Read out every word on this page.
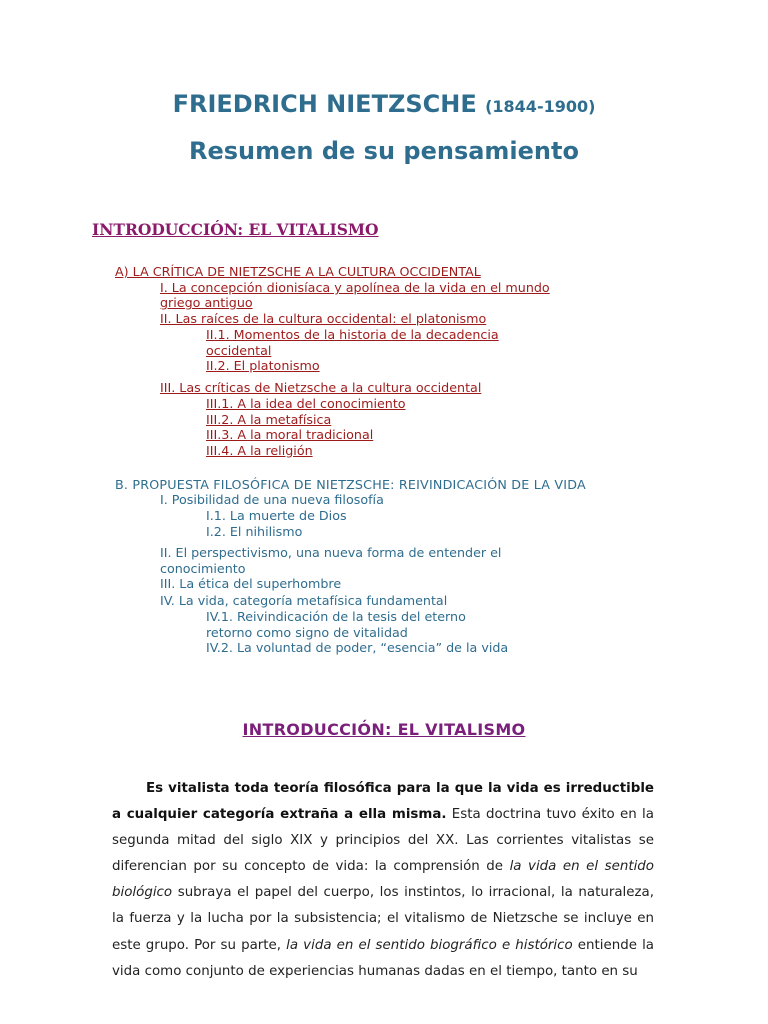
FRIEDRICH NIETZSCHE (1844-1900)
Resumen de su pensamiento
INTRODUCCIÓN: EL VITALISMO
A) LA CRÍTICA DE NIETZSCHE A LA CULTURA OCCIDENTAL
I. La concepción dionisíaca y apolínea de la vida en el mundo
griego antiguo
II. Las raíces de la cultura occidental: el platonismo
II.1. Momentos de la historia de la decadencia
occidental
II.2. El platonismo
III. Las críticas de Nietzsche a la cultura occidental
III.1. A la idea del conocimiento
III.2. A la metafísica
III.3. A la moral tradicional
III.4. A la religión
B. PROPUESTA FILOSÓFICA DE NIETZSCHE: REIVINDICACIÓN DE LA VIDA
I. Posibilidad de una nueva filosofía
I.1. La muerte de Dios
I.2. El nihilismo
II. El perspectivismo, una nueva forma de entender el
conocimiento
III. La ética del superhombre
IV. La vida, categoría metafísica fundamental
IV.1. Reivindicación de la tesis del eterno
retorno como signo de vitalidad
IV.2. La voluntad de poder, “esencia” de la vida
INTRODUCCIÓN: EL VITALISMO

Es vitalista toda teoría filosófica para la que la vida es irreductible a cualquier categoría extraña a ella misma. Esta doctrina tuvo éxito en la segunda mitad del siglo XIX y principios del XX. Las corrientes vitalistas se diferencian por su concepto de vida: la comprensión de la vida en el sentido biológico subraya el papel del cuerpo, los instintos, lo irracional, la naturaleza, la fuerza y la lucha por la subsistencia; el vitalismo de Nietzsche se incluye en este grupo. Por su parte, la vida en el sentido biográfico e histórico entiende la vida como conjunto de experiencias humanas dadas en el tiempo, tanto en su
